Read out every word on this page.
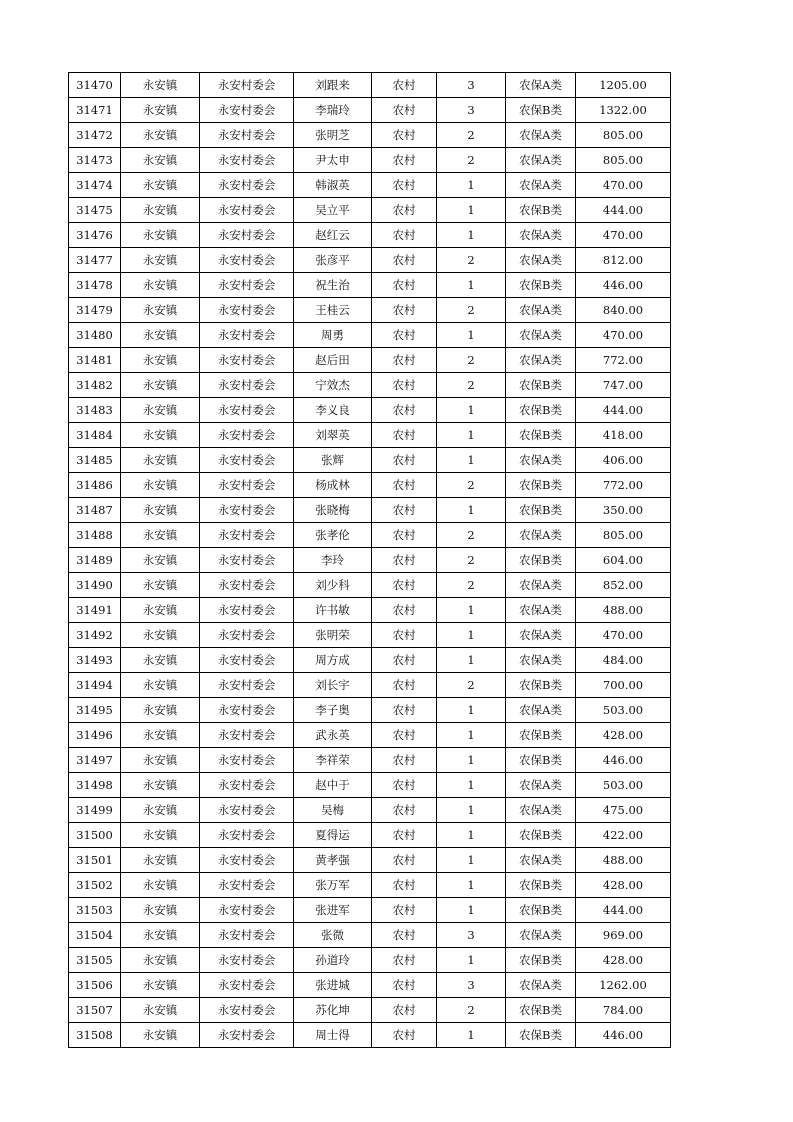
31470	永安镇	永安村委会	刘跟来	农村	3	农保A类	1205.00
31471	永安镇	永安村委会	李瑞玲	农村	3	农保B类	1322.00
31472	永安镇	永安村委会	张明芝	农村	2	农保A类	805.00
31473	永安镇	永安村委会	尹太申	农村	2	农保A类	805.00
31474	永安镇	永安村委会	韩淑英	农村	1	农保A类	470.00
31475	永安镇	永安村委会	吴立平	农村	1	农保B类	444.00
31476	永安镇	永安村委会	赵红云	农村	1	农保A类	470.00
31477	永安镇	永安村委会	张彦平	农村	2	农保A类	812.00
31478	永安镇	永安村委会	祝生治	农村	1	农保B类	446.00
31479	永安镇	永安村委会	王桂云	农村	2	农保A类	840.00
31480	永安镇	永安村委会	周勇	农村	1	农保A类	470.00
31481	永安镇	永安村委会	赵后田	农村	2	农保A类	772.00
31482	永安镇	永安村委会	宁效杰	农村	2	农保B类	747.00
31483	永安镇	永安村委会	李义良	农村	1	农保B类	444.00
31484	永安镇	永安村委会	刘翠英	农村	1	农保B类	418.00
31485	永安镇	永安村委会	张辉	农村	1	农保A类	406.00
31486	永安镇	永安村委会	杨成林	农村	2	农保B类	772.00
31487	永安镇	永安村委会	张晓梅	农村	1	农保B类	350.00
31488	永安镇	永安村委会	张孝伦	农村	2	农保A类	805.00
31489	永安镇	永安村委会	李玲	农村	2	农保B类	604.00
31490	永安镇	永安村委会	刘少科	农村	2	农保A类	852.00
31491	永安镇	永安村委会	许书敏	农村	1	农保A类	488.00
31492	永安镇	永安村委会	张明荣	农村	1	农保A类	470.00
31493	永安镇	永安村委会	周方成	农村	1	农保A类	484.00
31494	永安镇	永安村委会	刘长宇	农村	2	农保B类	700.00
31495	永安镇	永安村委会	李子奥	农村	1	农保A类	503.00
31496	永安镇	永安村委会	武永英	农村	1	农保B类	428.00
31497	永安镇	永安村委会	李祥荣	农村	1	农保B类	446.00
31498	永安镇	永安村委会	赵中于	农村	1	农保A类	503.00
31499	永安镇	永安村委会	吴梅	农村	1	农保A类	475.00
31500	永安镇	永安村委会	夏得运	农村	1	农保B类	422.00
31501	永安镇	永安村委会	黄孝强	农村	1	农保A类	488.00
31502	永安镇	永安村委会	张万军	农村	1	农保B类	428.00
31503	永安镇	永安村委会	张进军	农村	1	农保B类	444.00
31504	永安镇	永安村委会	张微	农村	3	农保A类	969.00
31505	永安镇	永安村委会	孙道玲	农村	1	农保B类	428.00
31506	永安镇	永安村委会	张进城	农村	3	农保A类	1262.00
31507	永安镇	永安村委会	苏化坤	农村	2	农保B类	784.00
31508	永安镇	永安村委会	周士得	农村	1	农保B类	446.00
